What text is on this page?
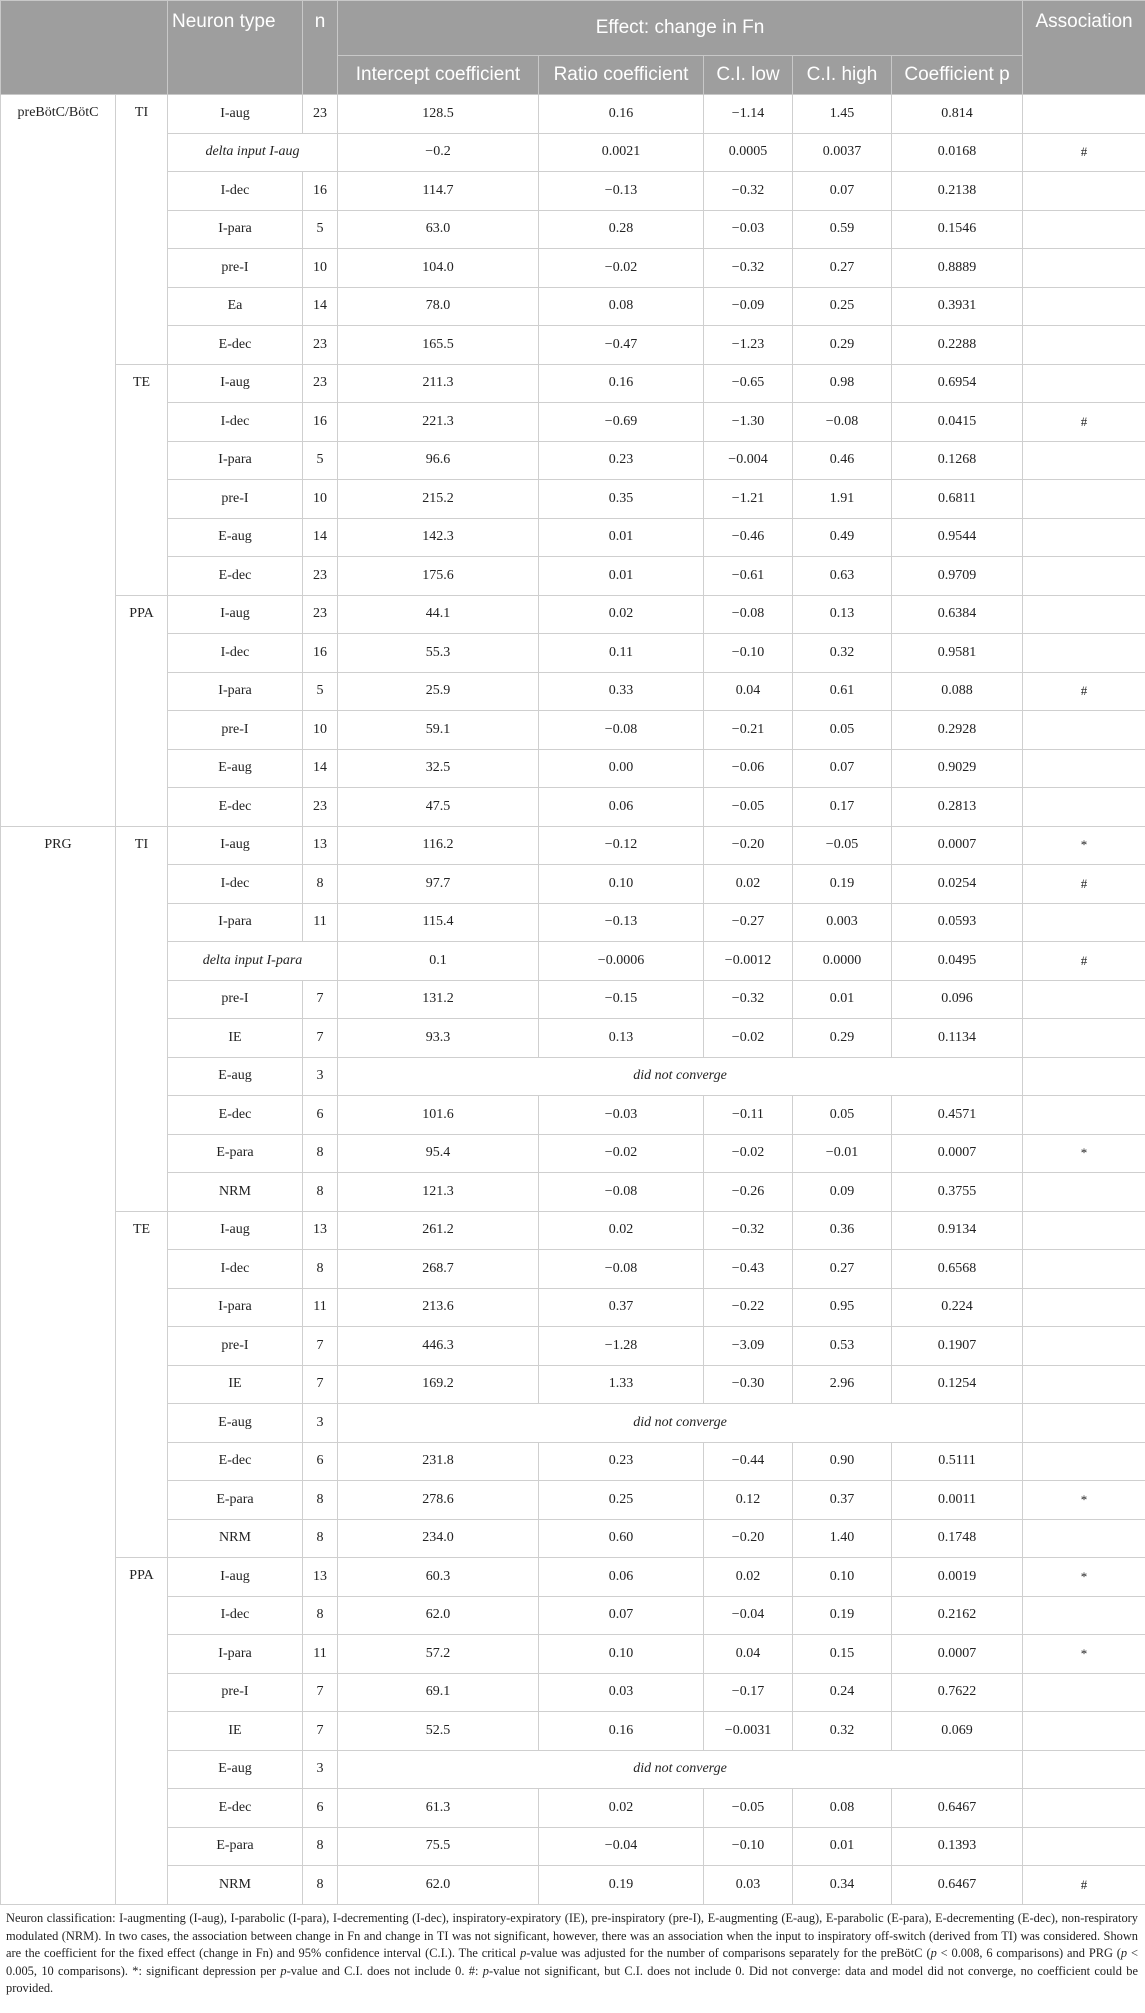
		Neuron type	n	Effect: change in Fn					Association
				Intercept coefficient	Ratio coefficient	C.I. low	C.I. high	Coefficient p	
preBötC/BötC	TI	I-aug	23	128.5	0.16	−1.14	1.45	0.814	
		delta input I-aug		−0.2	0.0021	0.0005	0.0037	0.0168	#
		I-dec	16	114.7	−0.13	−0.32	0.07	0.2138	
		I-para	5	63.0	0.28	−0.03	0.59	0.1546	
		pre-I	10	104.0	−0.02	−0.32	0.27	0.8889	
		Ea	14	78.0	0.08	−0.09	0.25	0.3931	
		E-dec	23	165.5	−0.47	−1.23	0.29	0.2288	
	TE	I-aug	23	211.3	0.16	−0.65	0.98	0.6954	
		I-dec	16	221.3	−0.69	−1.30	−0.08	0.0415	#
		I-para	5	96.6	0.23	−0.004	0.46	0.1268	
		pre-I	10	215.2	0.35	−1.21	1.91	0.6811	
		E-aug	14	142.3	0.01	−0.46	0.49	0.9544	
		E-dec	23	175.6	0.01	−0.61	0.63	0.9709	
	PPA	I-aug	23	44.1	0.02	−0.08	0.13	0.6384	
		I-dec	16	55.3	0.11	−0.10	0.32	0.9581	
		I-para	5	25.9	0.33	0.04	0.61	0.088	#
		pre-I	10	59.1	−0.08	−0.21	0.05	0.2928	
		E-aug	14	32.5	0.00	−0.06	0.07	0.9029	
		E-dec	23	47.5	0.06	−0.05	0.17	0.2813	
PRG	TI	I-aug	13	116.2	−0.12	−0.20	−0.05	0.0007	*
		I-dec	8	97.7	0.10	0.02	0.19	0.0254	#
		I-para	11	115.4	−0.13	−0.27	0.003	0.0593	
		delta input I-para		0.1	−0.0006	−0.0012	0.0000	0.0495	#
		pre-I	7	131.2	−0.15	−0.32	0.01	0.096	
		IE	7	93.3	0.13	−0.02	0.29	0.1134	
		E-aug	3	did not converge					
		E-dec	6	101.6	−0.03	−0.11	0.05	0.4571	
		E-para	8	95.4	−0.02	−0.02	−0.01	0.0007	*
		NRM	8	121.3	−0.08	−0.26	0.09	0.3755	
	TE	I-aug	13	261.2	0.02	−0.32	0.36	0.9134	
		I-dec	8	268.7	−0.08	−0.43	0.27	0.6568	
		I-para	11	213.6	0.37	−0.22	0.95	0.224	
		pre-I	7	446.3	−1.28	−3.09	0.53	0.1907	
		IE	7	169.2	1.33	−0.30	2.96	0.1254	
		E-aug	3	did not converge					
		E-dec	6	231.8	0.23	−0.44	0.90	0.5111	
		E-para	8	278.6	0.25	0.12	0.37	0.0011	*
		NRM	8	234.0	0.60	−0.20	1.40	0.1748	
	PPA	I-aug	13	60.3	0.06	0.02	0.10	0.0019	*
		I-dec	8	62.0	0.07	−0.04	0.19	0.2162	
		I-para	11	57.2	0.10	0.04	0.15	0.0007	*
		pre-I	7	69.1	0.03	−0.17	0.24	0.7622	
		IE	7	52.5	0.16	−0.0031	0.32	0.069	
		E-aug	3	did not converge					
		E-dec	6	61.3	0.02	−0.05	0.08	0.6467	
		E-para	8	75.5	−0.04	−0.10	0.01	0.1393	
		NRM	8	62.0	0.19	0.03	0.34	0.6467	#
Neuron classification: I-augmenting (I-aug), I-parabolic (I-para), I-decrementing (I-dec), inspiratory-expiratory (IE), pre-inspiratory (pre-I), E-augmenting (E-aug), E-parabolic (E-para), E-decrementing (E-dec), non-respiratory modulated (NRM). In two cases, the association between change in Fn and change in TI was not significant, however, there was an association when the input to inspiratory off-switch (derived from TI) was considered. Shown are the coefficient for the fixed effect (change in Fn) and 95% confidence interval (C.I.). The critical p-value was adjusted for the number of comparisons separately for the preBötC (p < 0.008, 6 comparisons) and PRG (p < 0.005, 10 comparisons). *: significant depression per p-value and C.I. does not include 0. #: p-value not significant, but C.I. does not include 0. Did not converge: data and model did not converge, no coefficient could be provided.
